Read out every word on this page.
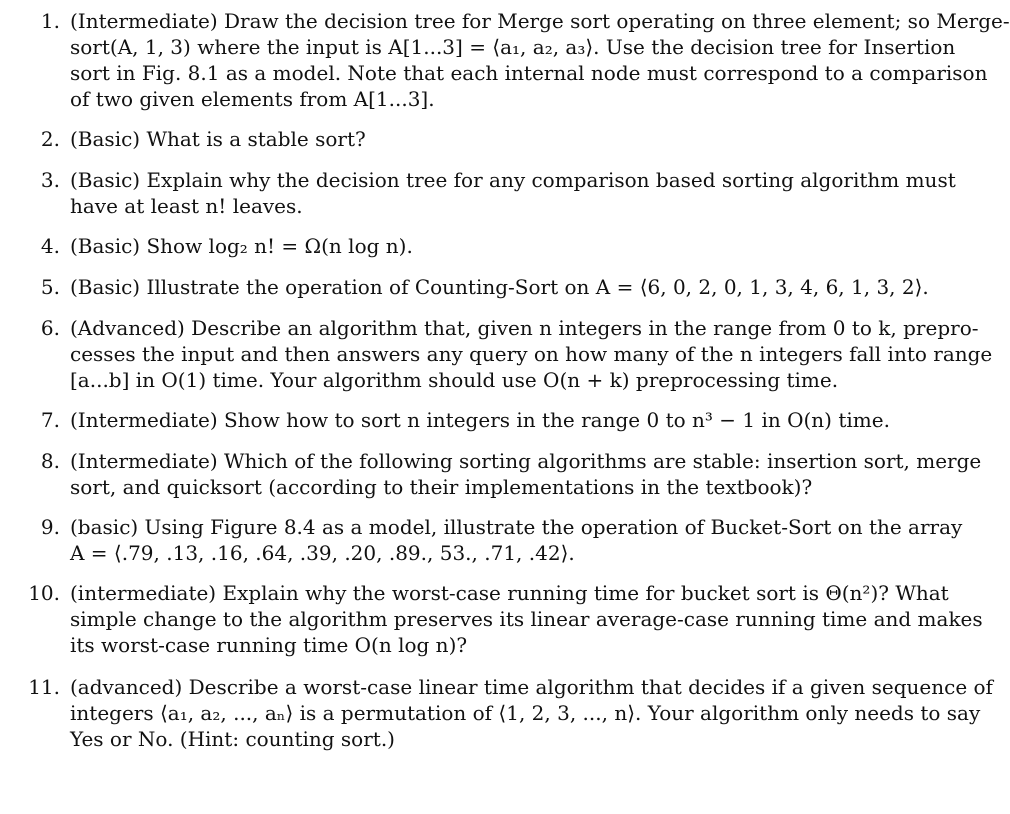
1. (Intermediate) Draw the decision tree for Merge sort operating on three element; so Merge-
sort(A, 1, 3) where the input is A[1...3] = ⟨a₁, a₂, a₃⟩. Use the decision tree for Insertion
sort in Fig. 8.1 as a model. Note that each internal node must correspond to a comparison
of two given elements from A[1...3].
2. (Basic) What is a stable sort?
3. (Basic) Explain why the decision tree for any comparison based sorting algorithm must
have at least n! leaves.
4. (Basic) Show log₂ n! = Ω(n log n).
5. (Basic) Illustrate the operation of Counting-Sort on A = ⟨6, 0, 2, 0, 1, 3, 4, 6, 1, 3, 2⟩.
6. (Advanced) Describe an algorithm that, given n integers in the range from 0 to k, prepro-
cesses the input and then answers any query on how many of the n integers fall into range
[a...b] in O(1) time. Your algorithm should use O(n + k) preprocessing time.
7. (Intermediate) Show how to sort n integers in the range 0 to n³ − 1 in O(n) time.
8. (Intermediate) Which of the following sorting algorithms are stable: insertion sort, merge
sort, and quicksort (according to their implementations in the textbook)?
9. (basic) Using Figure 8.4 as a model, illustrate the operation of Bucket-Sort on the array
A = ⟨.79, .13, .16, .64, .39, .20, .89., 53., .71, .42⟩.
10. (intermediate) Explain why the worst-case running time for bucket sort is Θ(n²)? What
simple change to the algorithm preserves its linear average-case running time and makes
its worst-case running time O(n log n)?
11. (advanced) Describe a worst-case linear time algorithm that decides if a given sequence of
integers ⟨a₁, a₂, ..., aₙ⟩ is a permutation of ⟨1, 2, 3, ..., n⟩. Your algorithm only needs to say
Yes or No. (Hint: counting sort.)
